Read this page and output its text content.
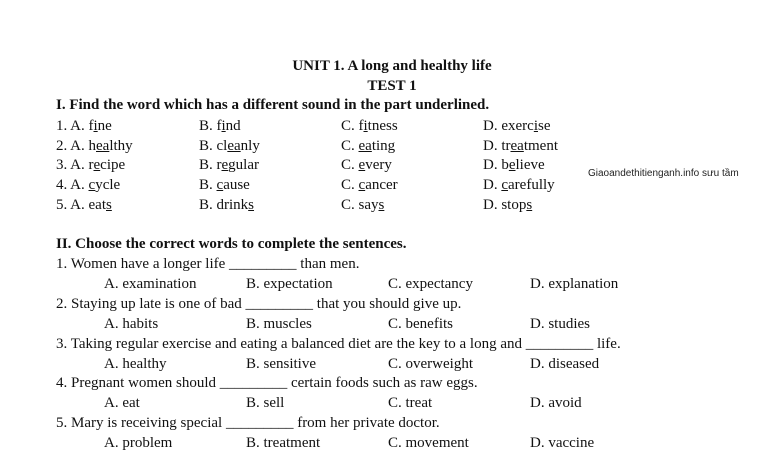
UNIT 1. A long and healthy life
TEST 1
I. Find the word which has a different sound in the part underlined.
1. A. fine	B. find	C. fitness	D. exercise
2. A. healthy	B. cleanly	C. eating	D. treatment
3. A. recipe	B. regular	C. every	D. believe
4. A. cycle	B. cause	C. cancer	D. carefully
5. A. eats	B. drinks	C. says	D. stops
Giaoandethitienganh.info sưu tầm
II. Choose the correct words to complete the sentences.
1. Women have a longer life _________ than men.
A. examination	B. expectation	C. expectancy	D. explanation
2. Staying up late is one of bad _________ that you should give up.
A. habits	B. muscles	C. benefits	D. studies
3. Taking regular exercise and eating a balanced diet are the key to a long and _________ life.
A. healthy	B. sensitive	C. overweight	D. diseased
4. Pregnant women should _________ certain foods such as raw eggs.
A. eat	B. sell	C. treat	D. avoid
5. Mary is receiving special _________ from her private doctor.
A. problem	B. treatment	C. movement	D. vaccine
